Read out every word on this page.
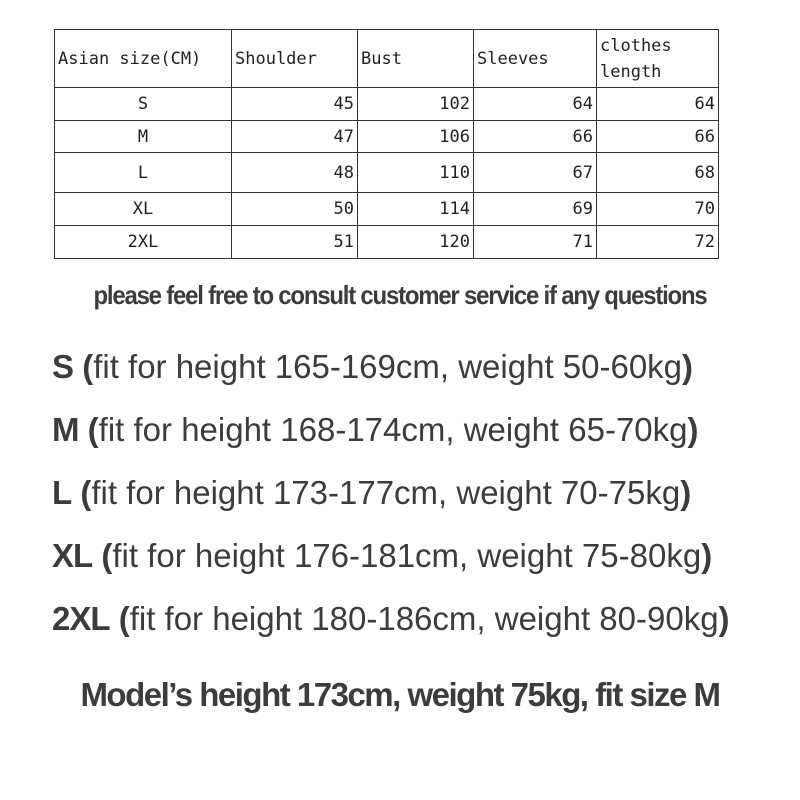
Asian size(CM)	Shoulder	Bust	Sleeves	clothes length
S	45	102	64	64
M	47	106	66	66
L	48	110	67	68
XL	50	114	69	70
2XL	51	120	71	72
please feel free to consult customer service if any questions
S (fit for height 165-169cm, weight 50-60kg)
M (fit for height 168-174cm, weight 65-70kg)
L (fit for height 173-177cm, weight 70-75kg)
XL (fit for height 176-181cm, weight 75-80kg)
2XL (fit for height 180-186cm, weight 80-90kg)
Model’s height 173cm, weight 75kg, fit size M
